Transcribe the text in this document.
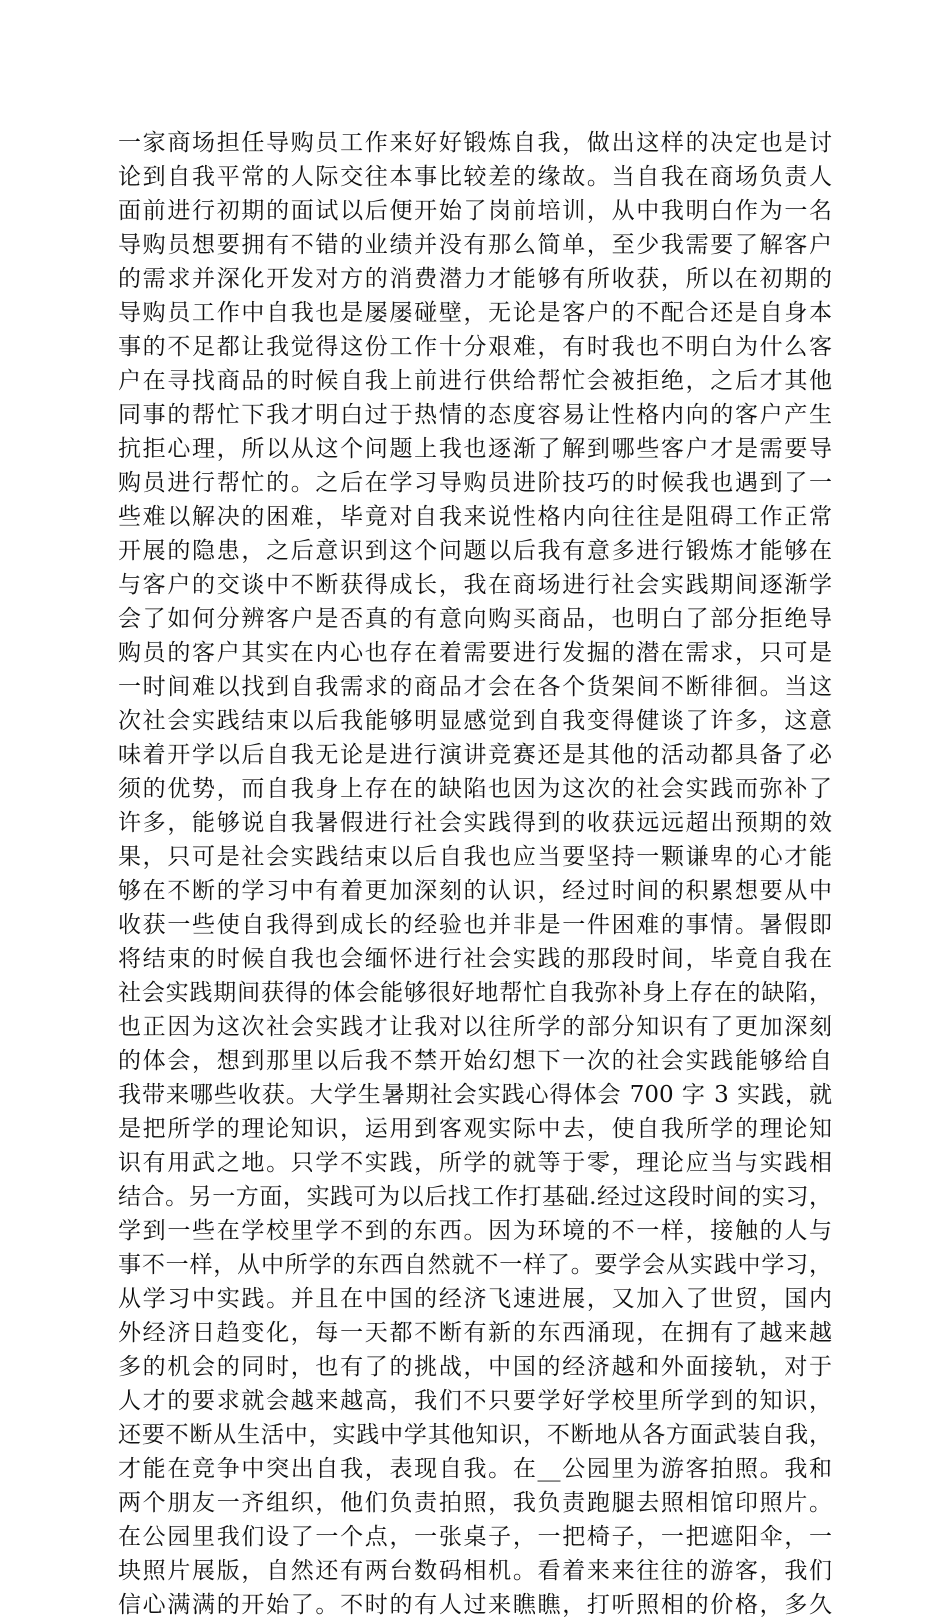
一家商场担任导购员工作来好好锻炼自我，做出这样的决定也是讨
论到自我平常的人际交往本事比较差的缘故。当自我在商场负责人
面前进行初期的面试以后便开始了岗前培训，从中我明白作为一名
导购员想要拥有不错的业绩并没有那么简单，至少我需要了解客户
的需求并深化开发对方的消费潜力才能够有所收获，所以在初期的
导购员工作中自我也是屡屡碰壁，无论是客户的不配合还是自身本
事的不足都让我觉得这份工作十分艰难，有时我也不明白为什么客
户在寻找商品的时候自我上前进行供给帮忙会被拒绝，之后才其他
同事的帮忙下我才明白过于热情的态度容易让性格内向的客户产生
抗拒心理，所以从这个问题上我也逐渐了解到哪些客户才是需要导
购员进行帮忙的。之后在学习导购员进阶技巧的时候我也遇到了一
些难以解决的困难，毕竟对自我来说性格内向往往是阻碍工作正常
开展的隐患，之后意识到这个问题以后我有意多进行锻炼才能够在
与客户的交谈中不断获得成长，我在商场进行社会实践期间逐渐学
会了如何分辨客户是否真的有意向购买商品，也明白了部分拒绝导
购员的客户其实在内心也存在着需要进行发掘的潜在需求，只可是
一时间难以找到自我需求的商品才会在各个货架间不断徘徊。当这
次社会实践结束以后我能够明显感觉到自我变得健谈了许多，这意
味着开学以后自我无论是进行演讲竞赛还是其他的活动都具备了必
须的优势，而自我身上存在的缺陷也因为这次的社会实践而弥补了
许多，能够说自我暑假进行社会实践得到的收获远远超出预期的效
果，只可是社会实践结束以后自我也应当要坚持一颗谦卑的心才能
够在不断的学习中有着更加深刻的认识，经过时间的积累想要从中
收获一些使自我得到成长的经验也并非是一件困难的事情。暑假即
将结束的时候自我也会缅怀进行社会实践的那段时间，毕竟自我在
社会实践期间获得的体会能够很好地帮忙自我弥补身上存在的缺陷，
也正因为这次社会实践才让我对以往所学的部分知识有了更加深刻
的体会，想到那里以后我不禁开始幻想下一次的社会实践能够给自
我带来哪些收获。大学生暑期社会实践心得体会 700 字 3 实践，就
是把所学的理论知识，运用到客观实际中去，使自我所学的理论知
识有用武之地。只学不实践，所学的就等于零，理论应当与实践相
结合。另一方面，实践可为以后找工作打基础.经过这段时间的实习，
学到一些在学校里学不到的东西。因为环境的不一样，接触的人与
事不一样，从中所学的东西自然就不一样了。要学会从实践中学习，
从学习中实践。并且在中国的经济飞速进展，又加入了世贸，国内
外经济日趋变化，每一天都不断有新的东西涌现，在拥有了越来越
多的机会的同时，也有了的挑战，中国的经济越和外面接轨，对于
人才的要求就会越来越高，我们不只要学好学校里所学到的知识，
还要不断从生活中，实践中学其他知识，不断地从各方面武装自我，
才能在竞争中突出自我，表现自我。在__公园里为游客拍照。我和
两个朋友一齐组织，他们负责拍照，我负责跑腿去照相馆印照片。
在公园里我们设了一个点，一张桌子，一把椅子，一把遮阳伞，一
块照片展版，自然还有两台数码相机。看着来来往往的游客，我们
信心满满的开始了。不时的有人过来瞧瞧，打听照相的价格，多久
